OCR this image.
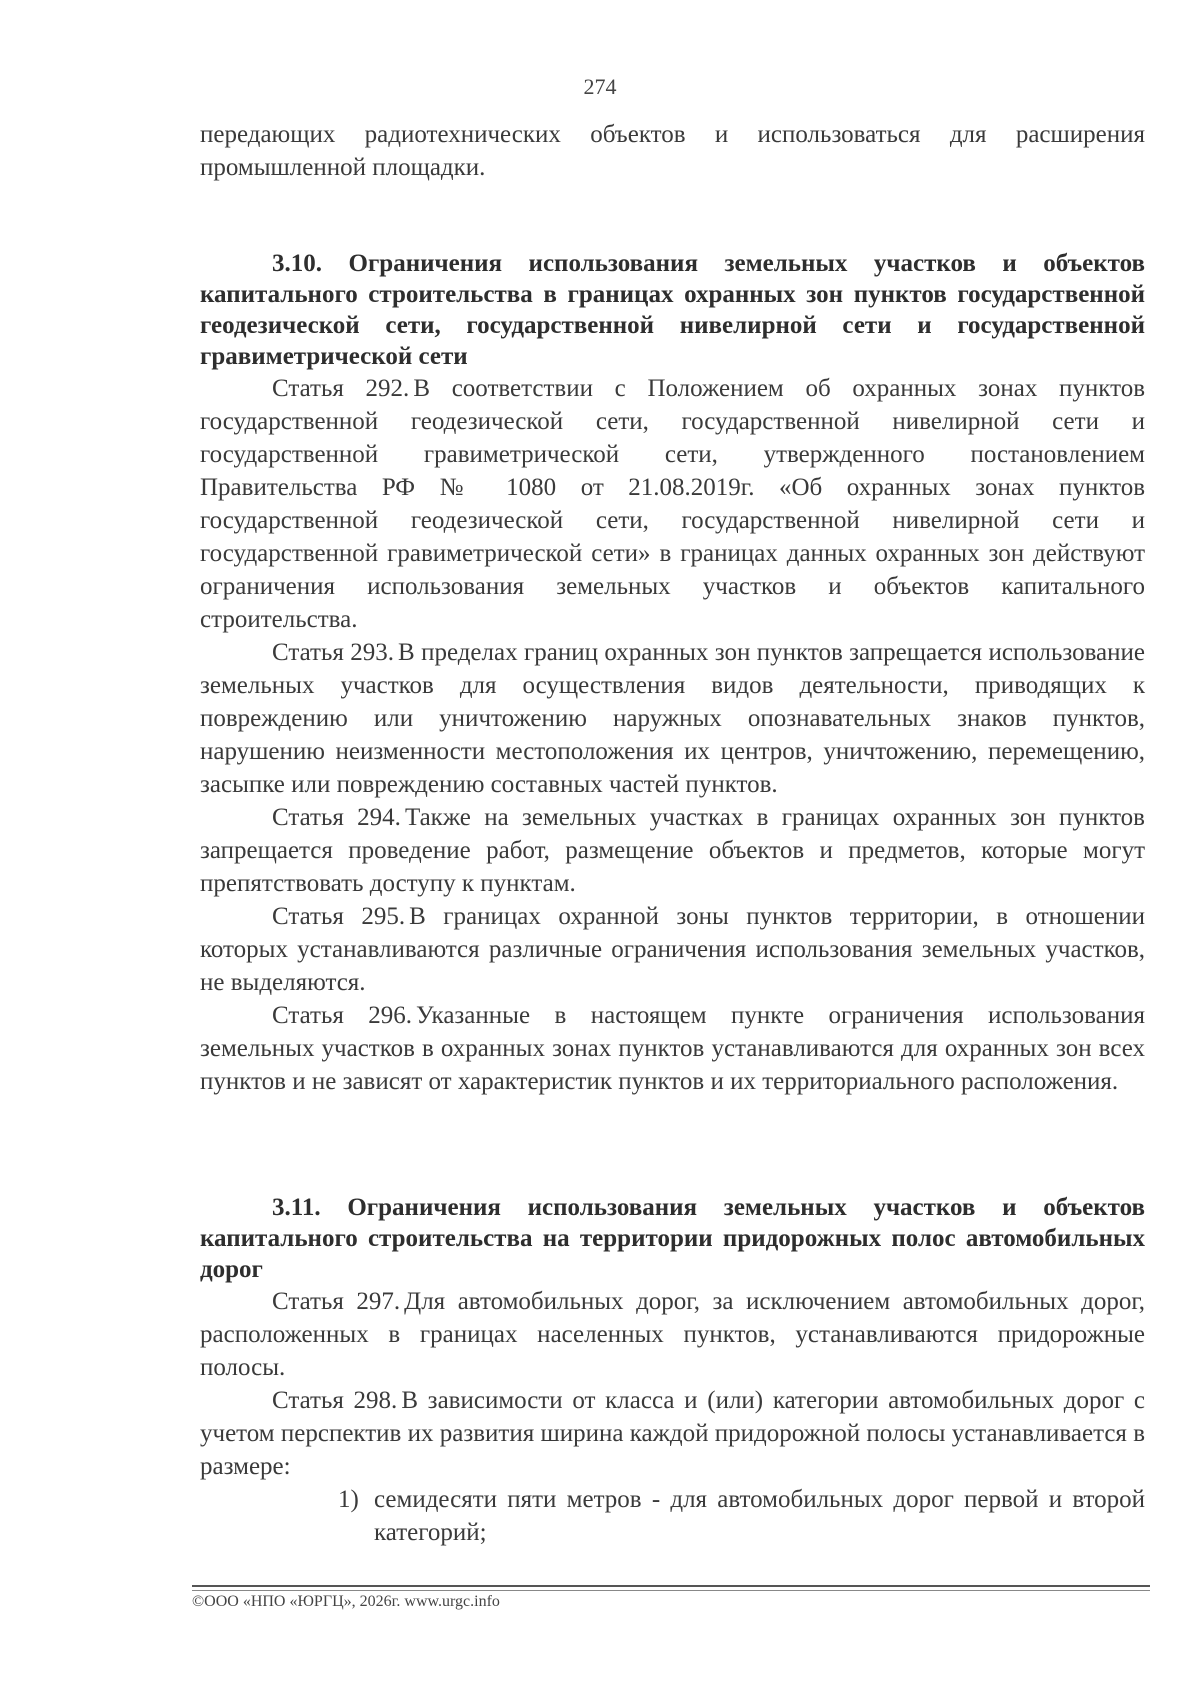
274

передающих радиотехнических объектов и использоваться для расширения промышленной площадки.

3.10. Ограничения использования земельных участков и объектов капитального строительства в границах охранных зон пунктов государственной геодезической сети, государственной нивелирной сети и государственной гравиметрической сети

Статья 292. В соответствии с Положением об охранных зонах пунктов государственной геодезической сети, государственной нивелирной сети и государственной гравиметрической сети, утвержденного постановлением Правительства РФ № 1080 от 21.08.2019г. «Об охранных зонах пунктов государственной геодезической сети, государственной нивелирной сети и государственной гравиметрической сети» в границах данных охранных зон действуют ограничения использования земельных участков и объектов капитального строительства.

Статья 293. В пределах границ охранных зон пунктов запрещается использование земельных участков для осуществления видов деятельности, приводящих к повреждению или уничтожению наружных опознавательных знаков пунктов, нарушению неизменности местоположения их центров, уничтожению, перемещению, засыпке или повреждению составных частей пунктов.

Статья 294. Также на земельных участках в границах охранных зон пунктов запрещается проведение работ, размещение объектов и предметов, которые могут препятствовать доступу к пунктам.

Статья 295. В границах охранной зоны пунктов территории, в отношении которых устанавливаются различные ограничения использования земельных участков, не выделяются.

Статья 296. Указанные в настоящем пункте ограничения использования земельных участков в охранных зонах пунктов устанавливаются для охранных зон всех пунктов и не зависят от характеристик пунктов и их территориального расположения.

3.11. Ограничения использования земельных участков и объектов капитального строительства на территории придорожных полос автомобильных дорог

Статья 297. Для автомобильных дорог, за исключением автомобильных дорог, расположенных в границах населенных пунктов, устанавливаются придорожные полосы.

Статья 298. В зависимости от класса и (или) категории автомобильных дорог с учетом перспектив их развития ширина каждой придорожной полосы устанавливается в размере:

1) семидесяти пяти метров - для автомобильных дорог первой и второй категорий;

©ООО «НПО «ЮРГЦ», 2026г. www.urgc.info
